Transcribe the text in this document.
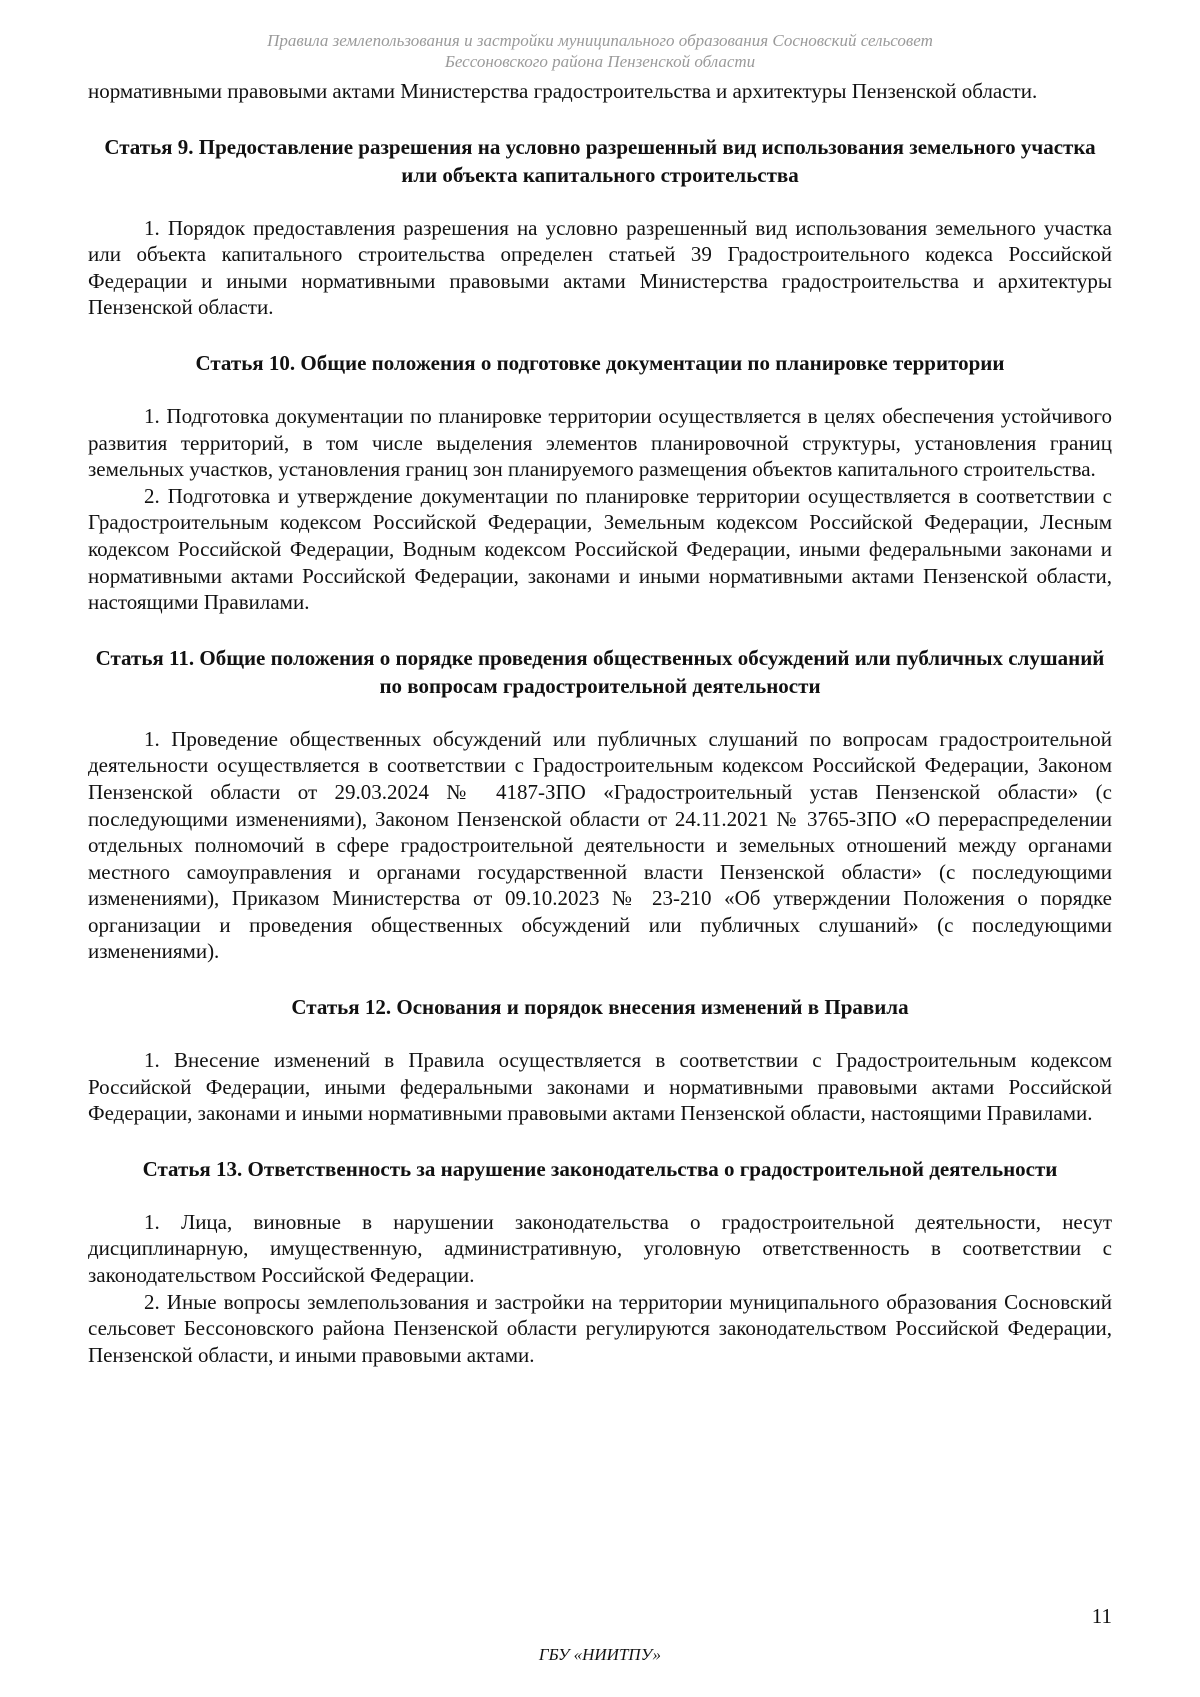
Правила землепользования и застройки муниципального образования Сосновский сельсовет
Бессоновского района Пензенской области

нормативными правовыми актами Министерства градостроительства и архитектуры Пензенской области.

Статья 9. Предоставление разрешения на условно разрешенный вид использования земельного участка или объекта капитального строительства

1. Порядок предоставления разрешения на условно разрешенный вид использования земельного участка или объекта капитального строительства определен статьей 39 Градостроительного кодекса Российской Федерации и иными нормативными правовыми актами Министерства градостроительства и архитектуры Пензенской области.

Статья 10. Общие положения о подготовке документации по планировке территории

1. Подготовка документации по планировке территории осуществляется в целях обеспечения устойчивого развития территорий, в том числе выделения элементов планировочной структуры, установления границ земельных участков, установления границ зон планируемого размещения объектов капитального строительства.

2. Подготовка и утверждение документации по планировке территории осуществляется в соответствии с Градостроительным кодексом Российской Федерации, Земельным кодексом Российской Федерации, Лесным кодексом Российской Федерации, Водным кодексом Российской Федерации, иными федеральными законами и нормативными актами Российской Федерации, законами и иными нормативными актами Пензенской области, настоящими Правилами.

Статья 11. Общие положения о порядке проведения общественных обсуждений или публичных слушаний по вопросам градостроительной деятельности

1. Проведение общественных обсуждений или публичных слушаний по вопросам градостроительной деятельности осуществляется в соответствии с Градостроительным кодексом Российской Федерации, Законом Пензенской области от 29.03.2024 № 4187-ЗПО «Градостроительный устав Пензенской области» (с последующими изменениями), Законом Пензенской области от 24.11.2021 № 3765-ЗПО «О перераспределении отдельных полномочий в сфере градостроительной деятельности и земельных отношений между органами местного самоуправления и органами государственной власти Пензенской области» (с последующими изменениями), Приказом Министерства от 09.10.2023 № 23-210 «Об утверждении Положения о порядке организации и проведения общественных обсуждений или публичных слушаний» (с последующими изменениями).

Статья 12. Основания и порядок внесения изменений в Правила

1. Внесение изменений в Правила осуществляется в соответствии с Градостроительным кодексом Российской Федерации, иными федеральными законами и нормативными правовыми актами Российской Федерации, законами и иными нормативными правовыми актами Пензенской области, настоящими Правилами.

Статья 13. Ответственность за нарушение законодательства о градостроительной деятельности

1. Лица, виновные в нарушении законодательства о градостроительной деятельности, несут дисциплинарную, имущественную, административную, уголовную ответственность в соответствии с законодательством Российской Федерации.

2. Иные вопросы землепользования и застройки на территории муниципального образования Сосновский сельсовет Бессоновского района Пензенской области регулируются законодательством Российской Федерации, Пензенской области, и иными правовыми актами.

11
ГБУ «НИИТПУ»
